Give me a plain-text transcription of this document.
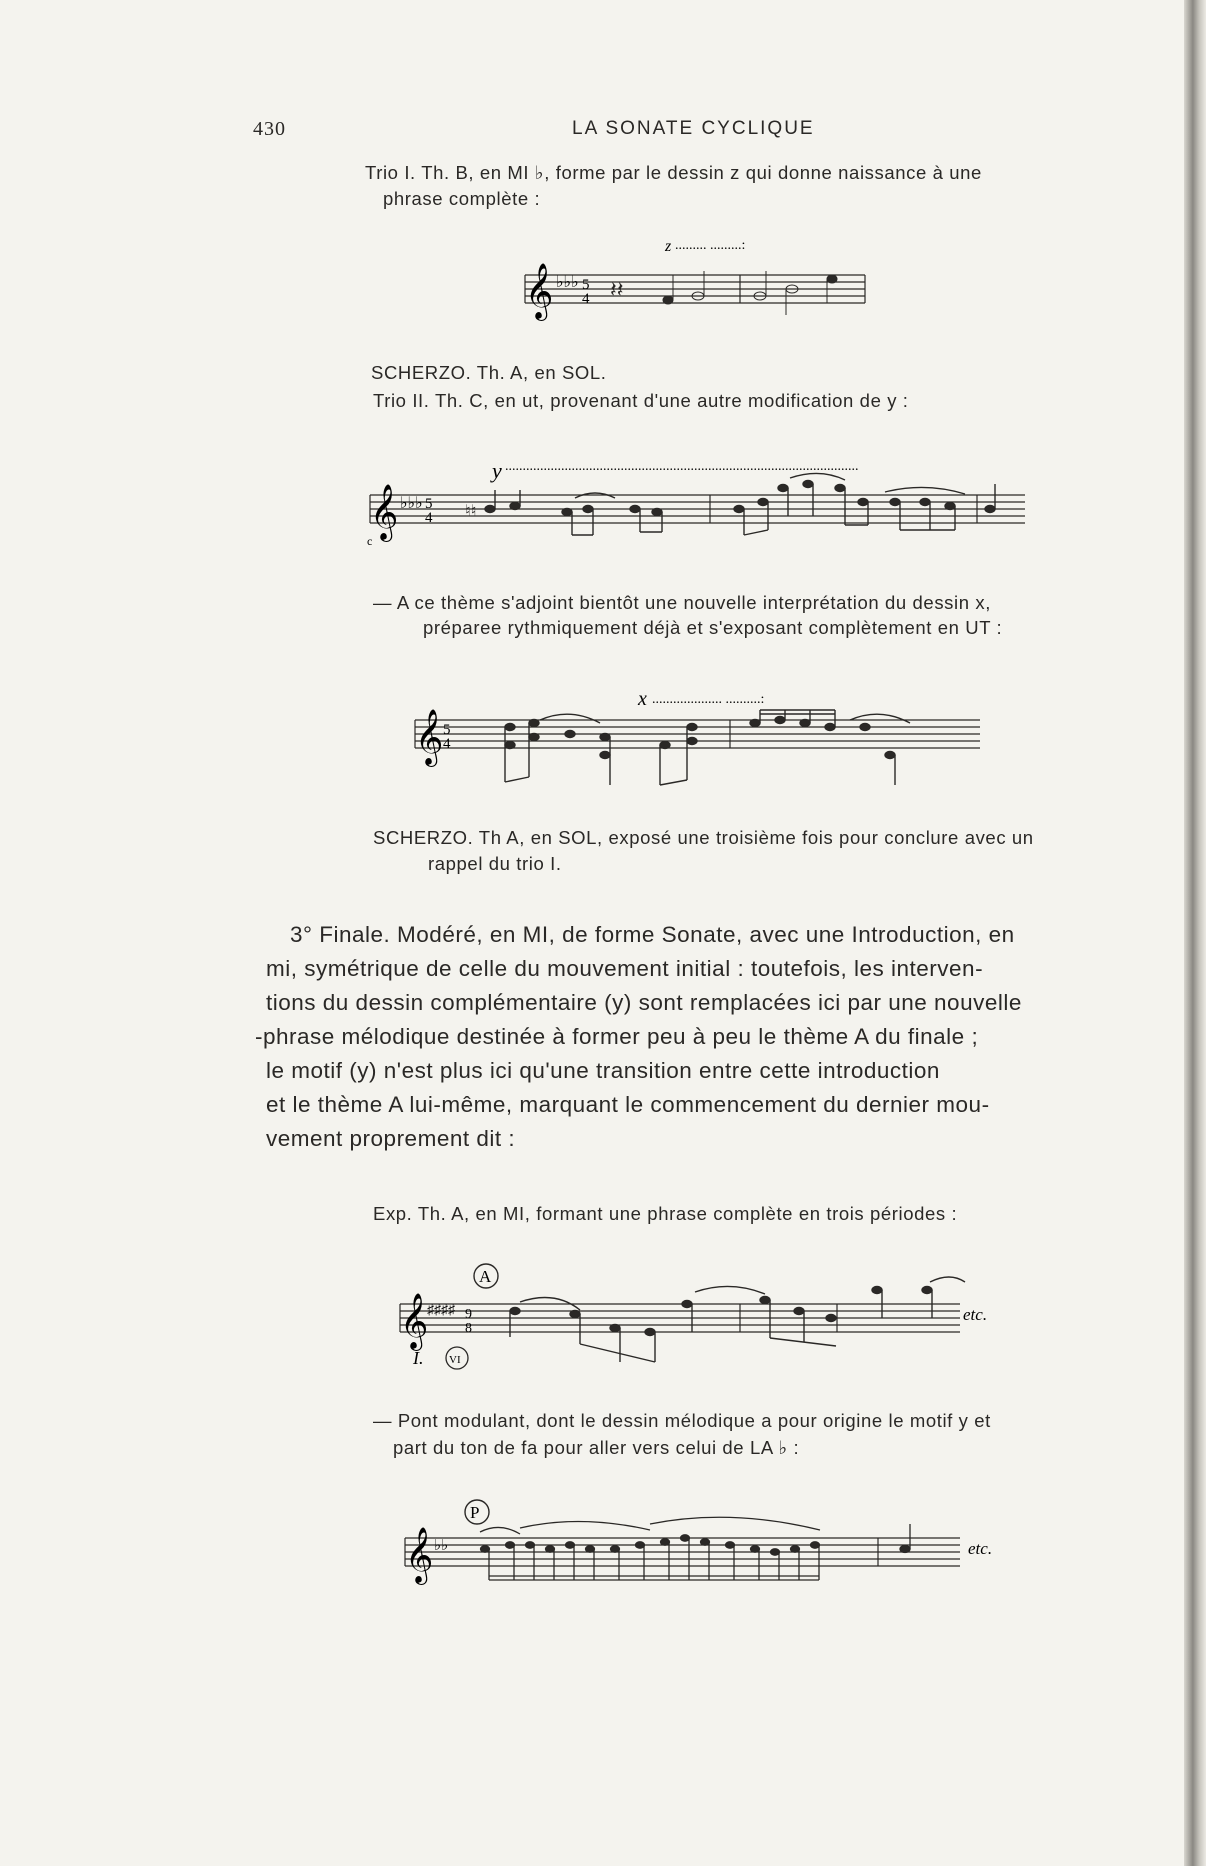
430	LA SONATE CYCLIQUE
Trio I. Th. B, en MI ♭, forme par le dessin z qui donne naissance à une
phrase complète :
z ......... .........:
𝄞 ♭♭♭ 5
4 𝄽𝄽
SCHERZO. Th. A, en SOL.
Trio II. Th. C, en ut, provenant d'une autre modification de y :
y .....................................................................................................
𝄞 ♭♭♭ 5
4 ♮♮
c
— A ce thème s'adjoint bientôt une nouvelle interprétation du dessin x,
préparee rythmiquement déjà et s'exposant complètement en UT :
x .................... ..........:
𝄞 5
4
SCHERZO. Th A, en SOL, exposé une troisième fois pour conclure avec un
rappel du trio I.
3° Finale. Modéré, en MI, de forme Sonate, avec une Introduction, en
mi, symétrique de celle du mouvement initial : toutefois, les interven-
tions du dessin complémentaire (y) sont remplacées ici par une nouvelle
-phrase mélodique destinée à former peu à peu le thème A du finale ;
le motif (y) n'est plus ici qu'une transition entre cette introduction
et le thème A lui-même, marquant le commencement du dernier mou-
vement proprement dit :
Exp. Th. A, en MI, formant une phrase complète en trois périodes :
A
𝄞
♯♯♯♯ 9
8
etc.
I. VI
— Pont modulant, dont le dessin mélodique a pour origine le motif y et
part du ton de fa pour aller vers celui de LA ♭ :
P
𝄞 ♭♭	etc.
